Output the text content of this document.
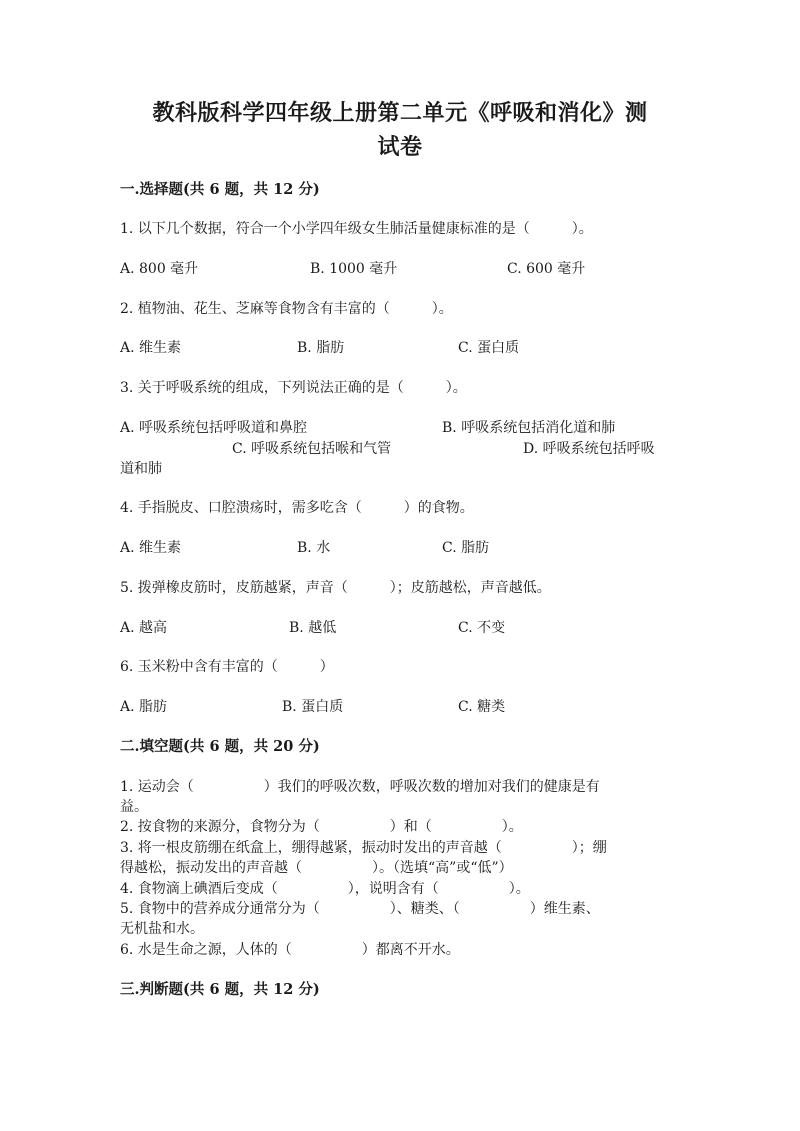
教科版科学四年级上册第二单元《呼吸和消化》测
试卷
一.选择题(共 6 题，共 12 分)
1. 以下几个数据，符合一个小学四年级女生肺活量健康标准的是（　　　）。
A. 800 毫升	B. 1000 毫升	C. 600 毫升
2. 植物油、花生、芝麻等食物含有丰富的（　　　）。
A. 维生素	B. 脂肪	C. 蛋白质
3. 关于呼吸系统的组成，下列说法正确的是（　　　）。
A. 呼吸系统包括呼吸道和鼻腔	B. 呼吸系统包括消化道和肺
C. 呼吸系统包括喉和气管	D. 呼吸系统包括呼吸
道和肺
4. 手指脱皮、口腔溃疡时，需多吃含（　　　）的食物。
A. 维生素	B. 水	C. 脂肪
5. 拨弹橡皮筋时，皮筋越紧，声音（　　　）；皮筋越松，声音越低。
A. 越高	B. 越低	C. 不变
6. 玉米粉中含有丰富的（　　　）
A. 脂肪	B. 蛋白质	C. 糖类
二.填空题(共 6 题，共 20 分)
1. 运动会（　　　　　）我们的呼吸次数，呼吸次数的增加对我们的健康是有
益。
2. 按食物的来源分，食物分为（　　　　　）和（　　　　　）。
3. 将一根皮筋绷在纸盒上，绷得越紧，振动时发出的声音越（　　　　　）；绷
得越松，振动发出的声音越（　　　　　）。（选填“高”或“低”）
4. 食物滴上碘酒后变成（　　　　　），说明含有（　　　　　）。
5. 食物中的营养成分通常分为（　　　　　）、糖类、（　　　　　）维生素、
无机盐和水。
6. 水是生命之源，人体的（　　　　　）都离不开水。
三.判断题(共 6 题，共 12 分)
